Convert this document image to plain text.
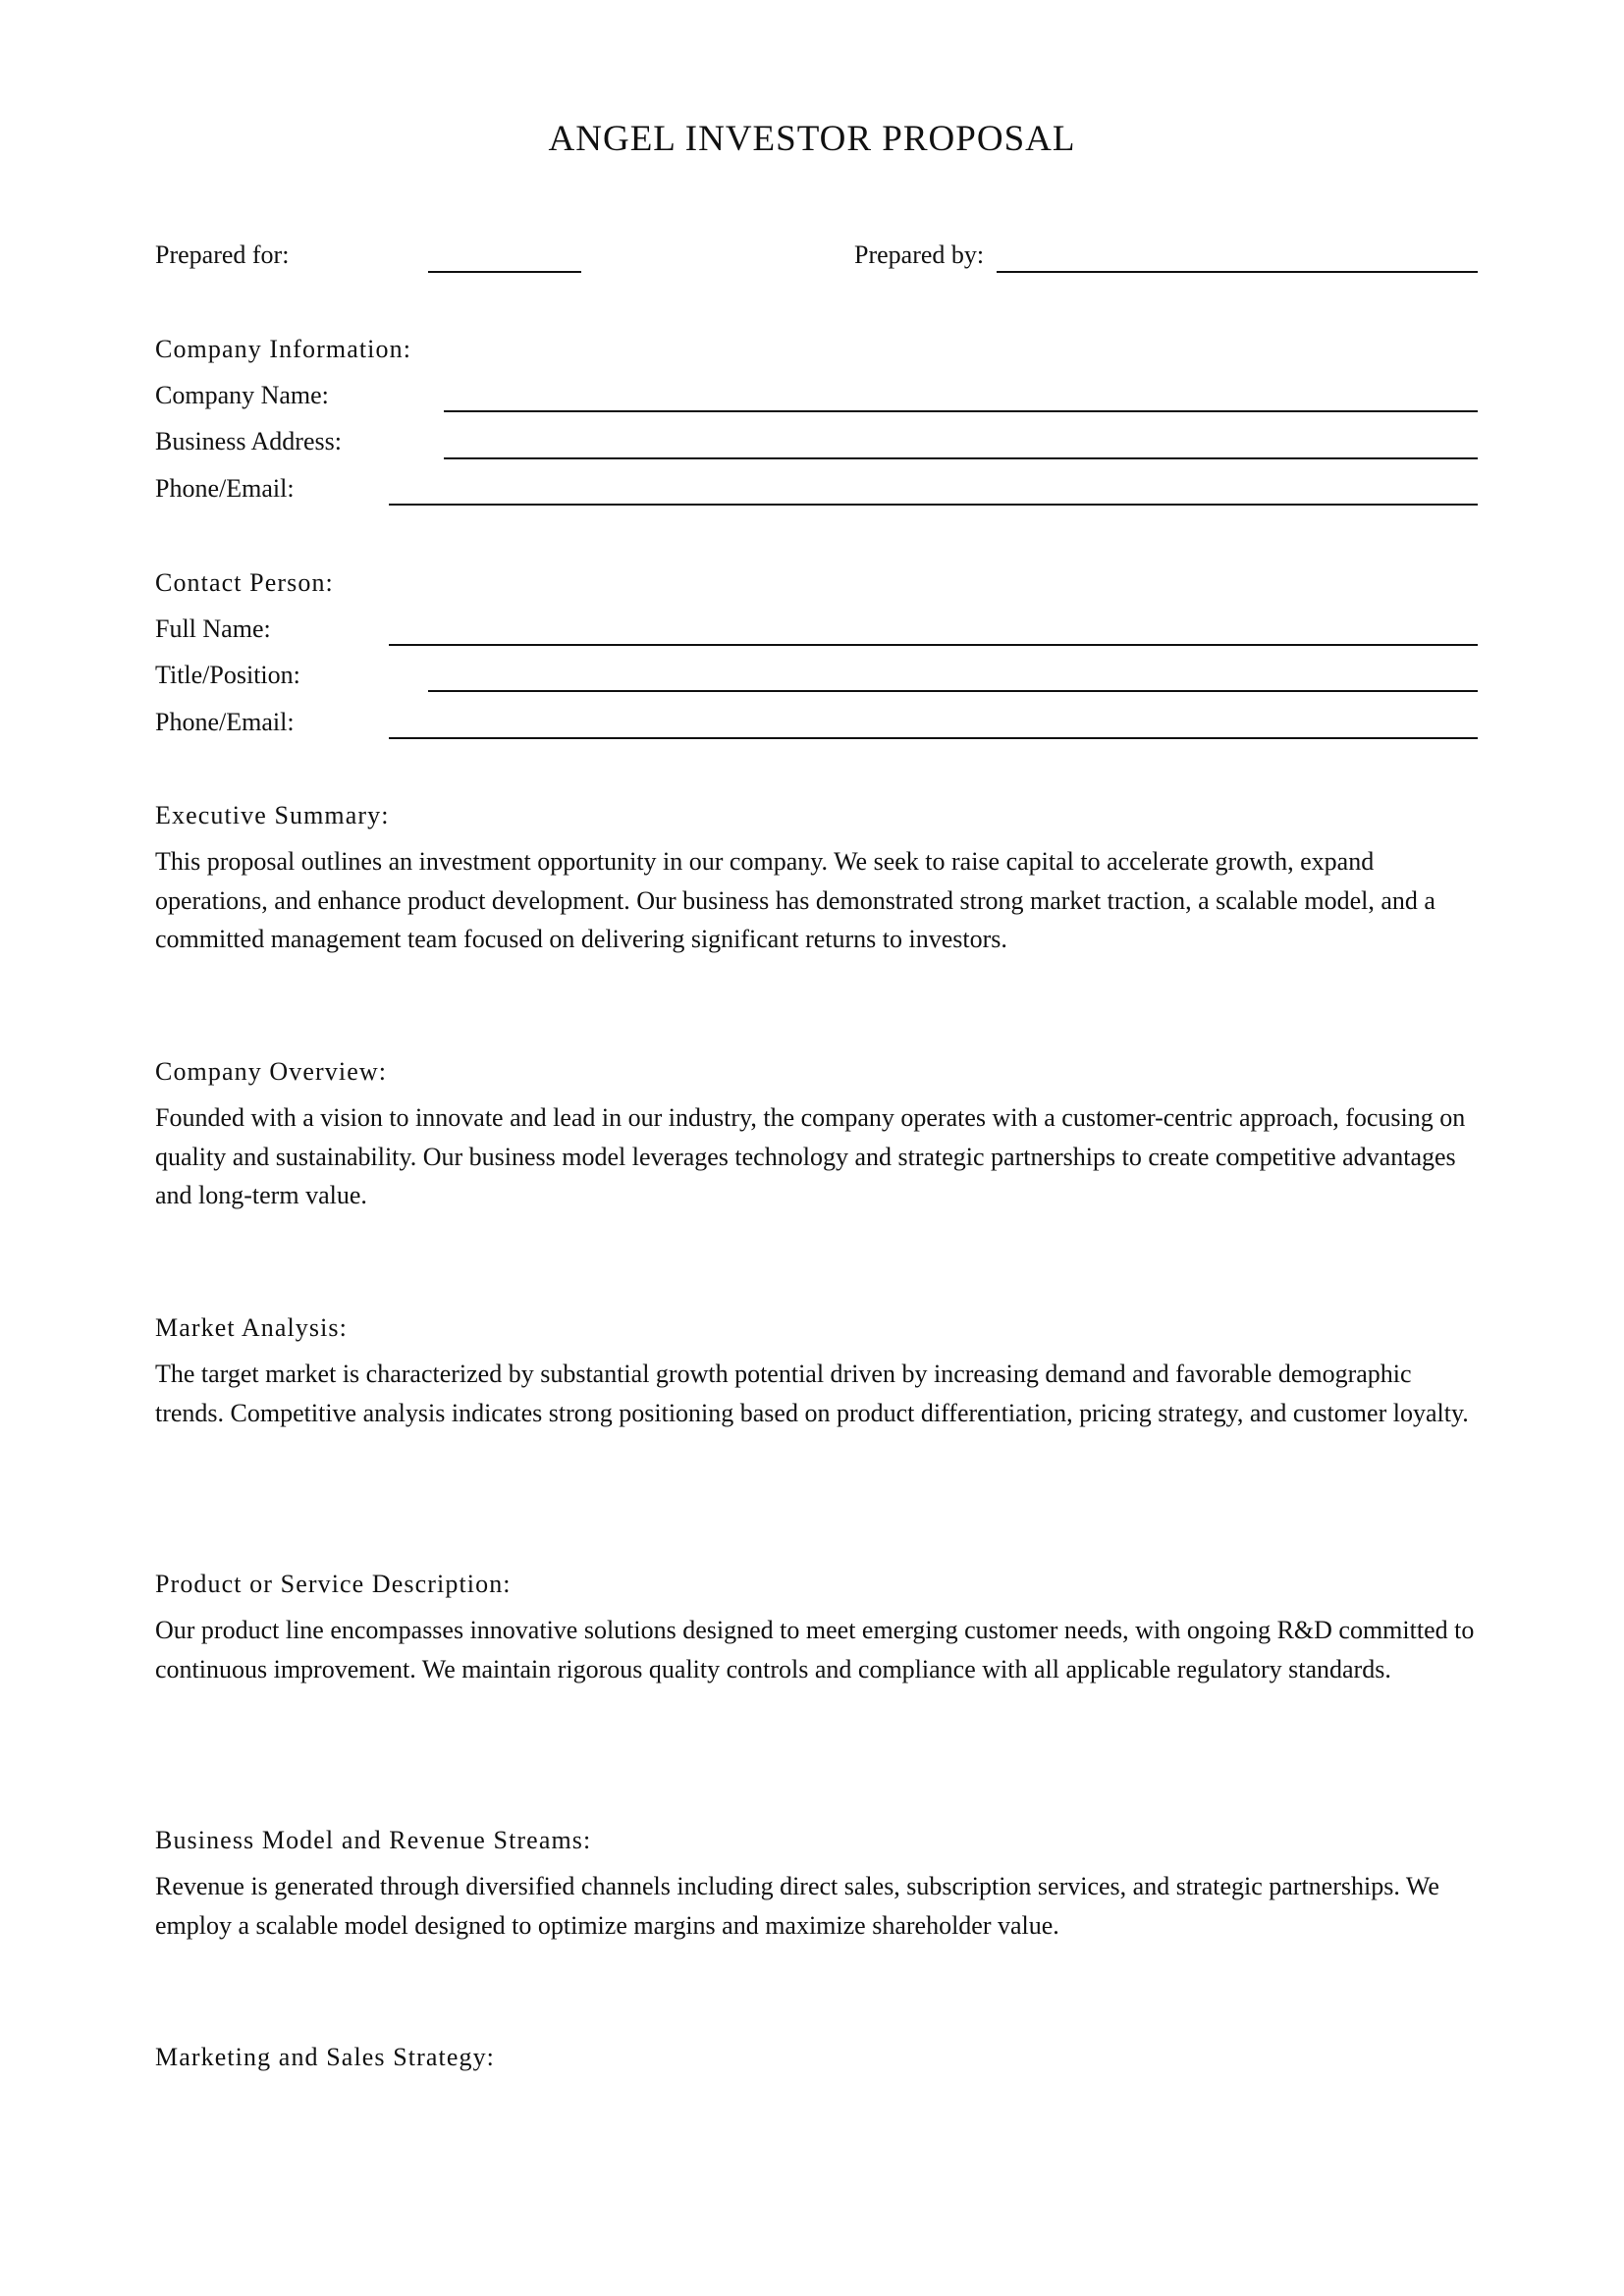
ANGEL INVESTOR PROPOSAL
Prepared for:	Prepared by:
Company Information:
Company Name:
Business Address:
Phone/Email:
Contact Person:
Full Name:
Title/Position:
Phone/Email:
Executive Summary:

This proposal outlines an investment opportunity in our company. We seek to raise capital to accelerate growth, expand operations, and enhance product development. Our business has demonstrated strong market traction, a scalable model, and a committed management team focused on delivering significant returns to investors.

Company Overview:

Founded with a vision to innovate and lead in our industry, the company operates with a customer-centric approach, focusing on quality and sustainability. Our business model leverages technology and strategic partnerships to create competitive advantages and long-term value.

Market Analysis:

The target market is characterized by substantial growth potential driven by increasing demand and favorable demographic trends. Competitive analysis indicates strong positioning based on product differentiation, pricing strategy, and customer loyalty.

Product or Service Description:

Our product line encompasses innovative solutions designed to meet emerging customer needs, with ongoing R&D committed to continuous improvement. We maintain rigorous quality controls and compliance with all applicable regulatory standards.

Business Model and Revenue Streams:

Revenue is generated through diversified channels including direct sales, subscription services, and strategic partnerships. We employ a scalable model designed to optimize margins and maximize shareholder value.

Marketing and Sales Strategy:
